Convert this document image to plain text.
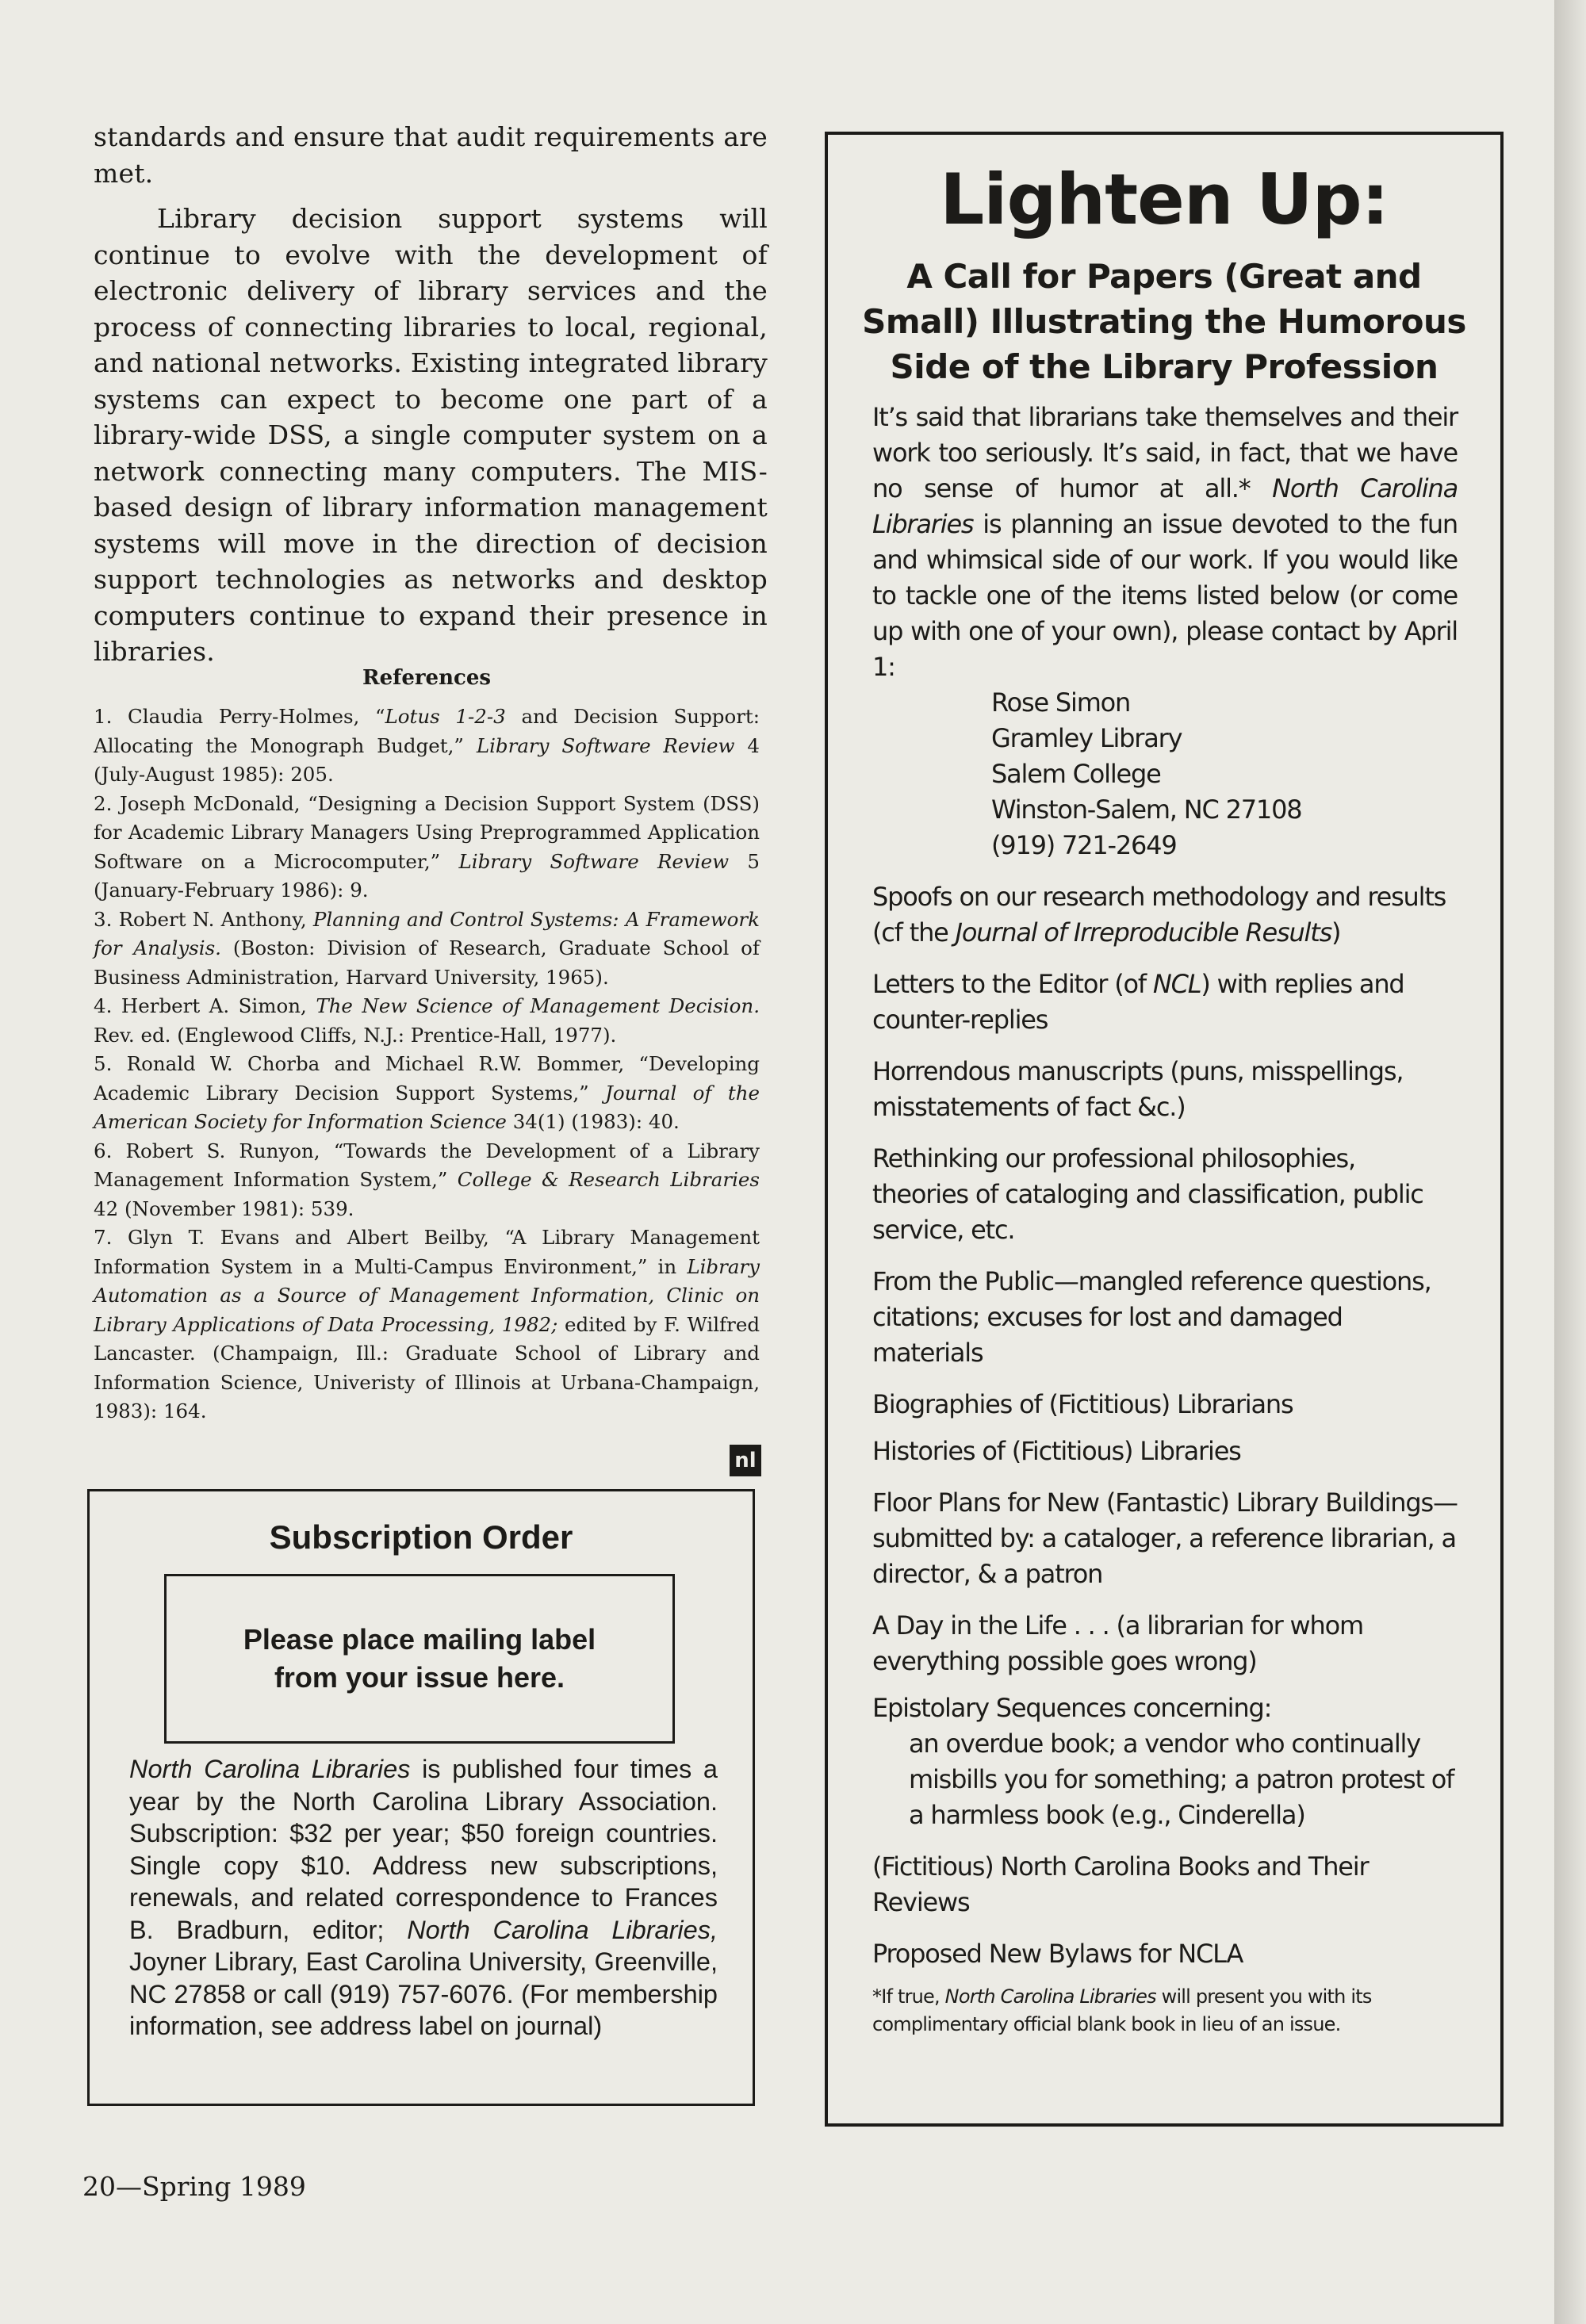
standards and ensure that audit requirements are met.

Library decision support systems will continue to evolve with the development of electronic delivery of library services and the process of connecting libraries to local, regional, and national networks. Existing integrated library systems can expect to become one part of a library-wide DSS, a single computer system on a network connecting many computers. The MIS-based design of library information management systems will move in the direction of decision support technologies as networks and desktop computers continue to expand their presence in libraries.

References

1. Claudia Perry-Holmes, “Lotus 1-2-3 and Decision Support: Allocating the Monograph Budget,” Library Software Review 4 (July-August 1985): 205.

2. Joseph McDonald, “Designing a Decision Support System (DSS) for Academic Library Managers Using Preprogrammed Application Software on a Microcomputer,” Library Software Review 5 (January-February 1986): 9.

3. Robert N. Anthony, Planning and Control Systems: A Framework for Analysis. (Boston: Division of Research, Graduate School of Business Administration, Harvard University, 1965).

4. Herbert A. Simon, The New Science of Management Decision. Rev. ed. (Englewood Cliffs, N.J.: Prentice-Hall, 1977).

5. Ronald W. Chorba and Michael R.W. Bommer, “Developing Academic Library Decision Support Systems,” Journal of the American Society for Information Science 34(1) (1983): 40.

6. Robert S. Runyon, “Towards the Development of a Library Management Information System,” College & Research Libraries 42 (November 1981): 539.

7. Glyn T. Evans and Albert Beilby, “A Library Management Information System in a Multi-Campus Environment,” in Library Automation as a Source of Management Information, Clinic on Library Applications of Data Processing, 1982; edited by F. Wilfred Lancaster. (Champaign, Ill.: Graduate School of Library and Information Science, Univeristy of Illinois at Urbana-Champaign, 1983): 164.

nl
Subscription Order
Please place mailing label from your issue here.
North Carolina Libraries is published four times a year by the North Carolina Library Association. Subscription: $32 per year; $50 foreign countries. Single copy $10. Address new subscriptions, renewals, and related correspondence to Frances B. Bradburn, editor; North Carolina Libraries, Joyner Library, East Carolina University, Greenville, NC 27858 or call (919) 757-6076. (For membership information, see address label on journal)
20—Spring 1989
Lighten Up:
A Call for Papers (Great and
Small) Illustrating the Humorous
Side of the Library Profession

It’s said that librarians take themselves and their work too seriously. It’s said, in fact, that we have no sense of humor at all.* North Carolina Libraries is planning an issue devoted to the fun and whimsical side of our work. If you would like to tackle one of the items listed below (or come up with one of your own), please contact by April 1:

Rose Simon

Gramley Library

Salem College

Winston-Salem, NC 27108

(919) 721-2649

Spoofs on our research methodology and results (cf the Journal of Irreproducible Results)

Letters to the Editor (of NCL) with replies and counter-replies

Horrendous manuscripts (puns, misspellings, misstatements of fact &c.)

Rethinking our professional philosophies, theories of cataloging and classification, public service, etc.

From the Public—mangled reference questions, citations; excuses for lost and damaged materials

Biographies of (Fictitious) Librarians

Histories of (Fictitious) Libraries

Floor Plans for New (Fantastic) Library Buildings—submitted by: a cataloger, a reference librarian, a director, & a patron

A Day in the Life . . . (a librarian for whom everything possible goes wrong)

Epistolary Sequences concerning:

an overdue book; a vendor who continually misbills you for something; a patron protest of a harmless book (e.g., Cinderella)

(Fictitious) North Carolina Books and Their Reviews

Proposed New Bylaws for NCLA

*If true, North Carolina Libraries will present you with its complimentary official blank book in lieu of an issue.
